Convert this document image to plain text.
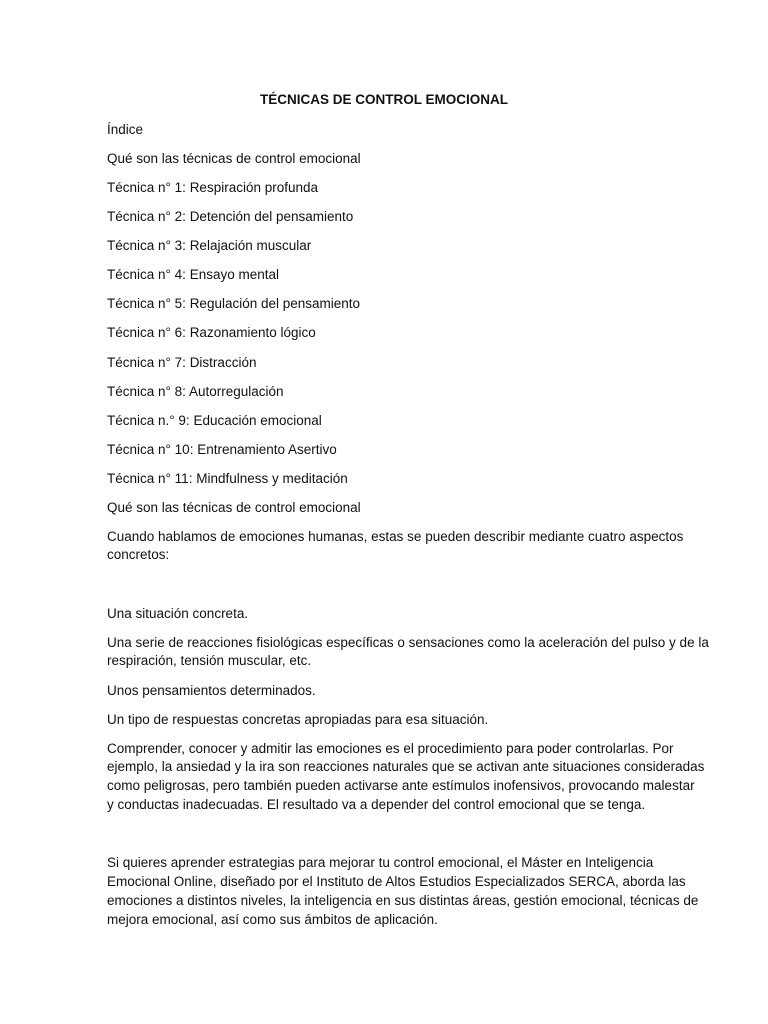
TÉCNICAS DE CONTROL EMOCIONAL
Índice
Qué son las técnicas de control emocional
Técnica n° 1: Respiración profunda
Técnica n° 2: Detención del pensamiento
Técnica n° 3: Relajación muscular
Técnica n° 4: Ensayo mental
Técnica n° 5: Regulación del pensamiento
Técnica n° 6: Razonamiento lógico
Técnica n° 7: Distracción
Técnica n° 8: Autorregulación
Técnica n.° 9: Educación emocional
Técnica n° 10: Entrenamiento Asertivo
Técnica n° 11: Mindfulness y meditación
Qué son las técnicas de control emocional
Cuando hablamos de emociones humanas, estas se pueden describir mediante cuatro aspectos
concretos:
Una situación concreta.
Una serie de reacciones fisiológicas específicas o sensaciones como la aceleración del pulso y de la
respiración, tensión muscular, etc.
Unos pensamientos determinados.
Un tipo de respuestas concretas apropiadas para esa situación.
Comprender, conocer y admitir las emociones es el procedimiento para poder controlarlas. Por
ejemplo, la ansiedad y la ira son reacciones naturales que se activan ante situaciones consideradas
como peligrosas, pero también pueden activarse ante estímulos inofensivos, provocando malestar
y conductas inadecuadas. El resultado va a depender del control emocional que se tenga.
Si quieres aprender estrategias para mejorar tu control emocional, el Máster en Inteligencia
Emocional Online, diseñado por el Instituto de Altos Estudios Especializados SERCA, aborda las
emociones a distintos niveles, la inteligencia en sus distintas áreas, gestión emocional, técnicas de
mejora emocional, así como sus ámbitos de aplicación.
